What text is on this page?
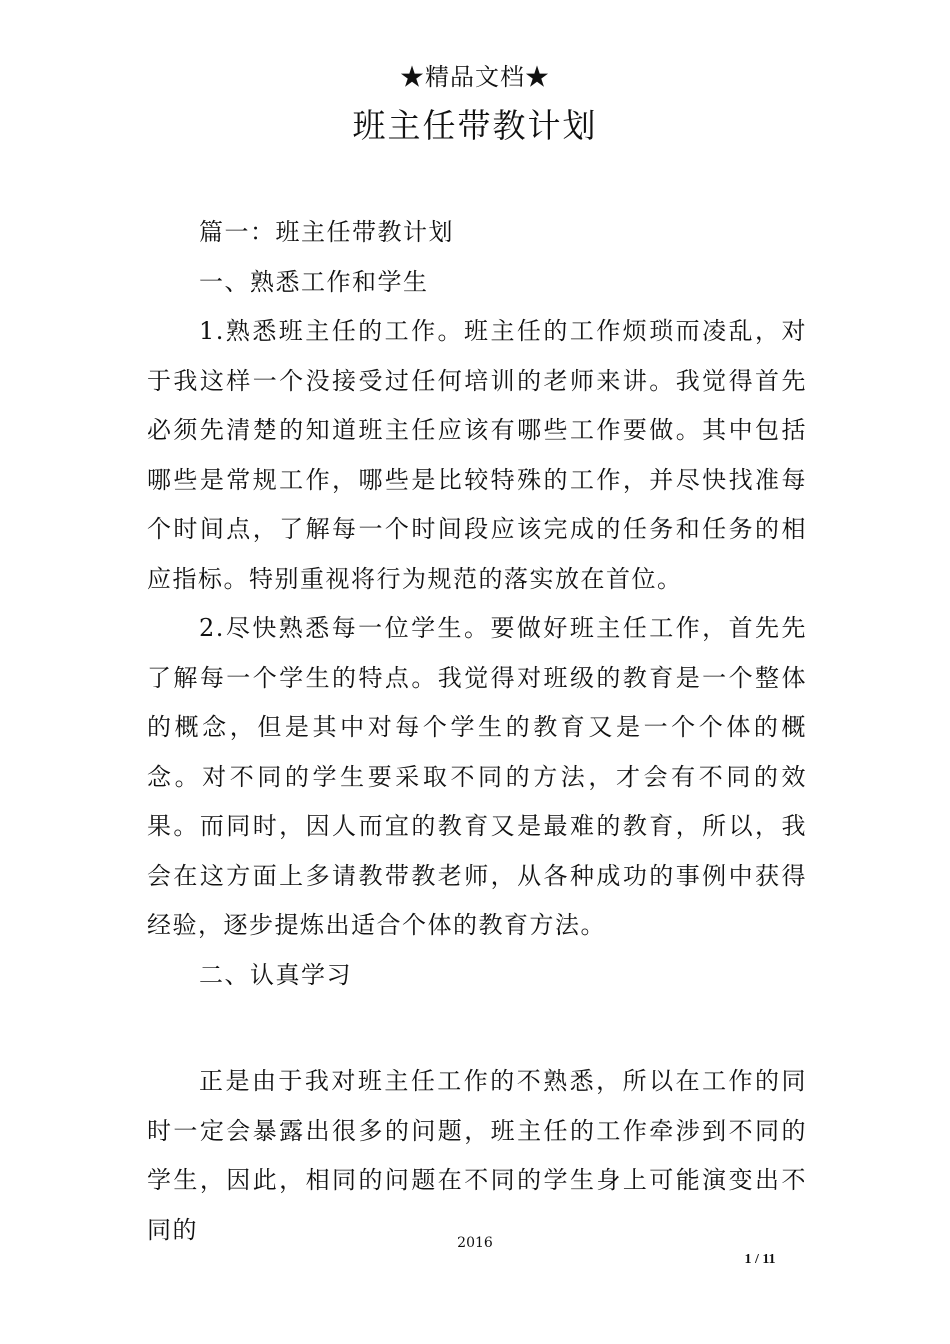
★精品文档★
班主任带教计划

篇一：班主任带教计划

一、熟悉工作和学生

1.熟悉班主任的工作。班主任的工作烦琐而凌乱，对于我这样一个没接受过任何培训的老师来讲。我觉得首先必须先清楚的知道班主任应该有哪些工作要做。其中包括哪些是常规工作，哪些是比较特殊的工作，并尽快找准每个时间点，了解每一个时间段应该完成的任务和任务的相应指标。特别重视将行为规范的落实放在首位。

2.尽快熟悉每一位学生。要做好班主任工作，首先先了解每一个学生的特点。我觉得对班级的教育是一个整体的概念，但是其中对每个学生的教育又是一个个体的概念。对不同的学生要采取不同的方法，才会有不同的效果。而同时，因人而宜的教育又是最难的教育，所以，我会在这方面上多请教带教老师，从各种成功的事例中获得经验，逐步提炼出适合个体的教育方法。

二、认真学习

正是由于我对班主任工作的不熟悉，所以在工作的同时一定会暴露出很多的问题，班主任的工作牵涉到不同的学生，因此，相同的问题在不同的学生身上可能演变出不同的	2016
1 / 11
